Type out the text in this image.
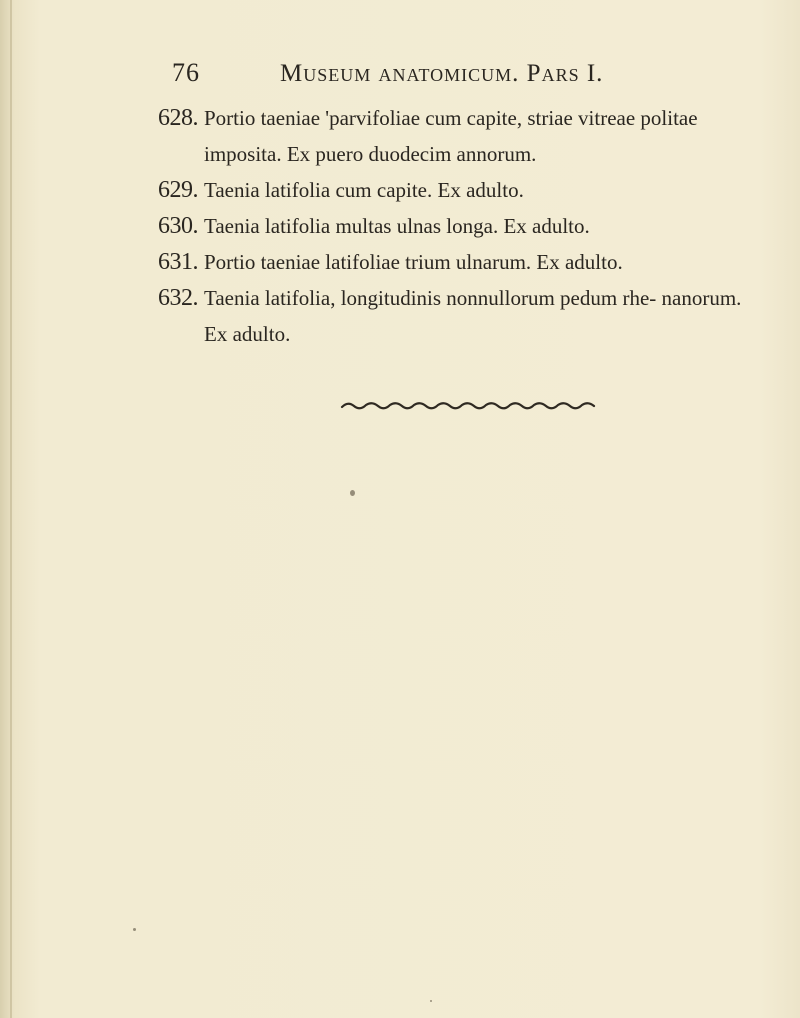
76	Museum anatomicum. Pars I.

628. Portio taeniae 'parvifoliae cum capite, striae vitreae politae imposita. Ex puero duodecim annorum.

629. Taenia latifolia cum capite. Ex adulto.

630. Taenia latifolia multas ulnas longa. Ex adulto.

631. Portio taeniae latifoliae trium ulnarum. Ex adulto.

632. Taenia latifolia, longitudinis nonnullorum pedum rhe- nanorum. Ex adulto.
